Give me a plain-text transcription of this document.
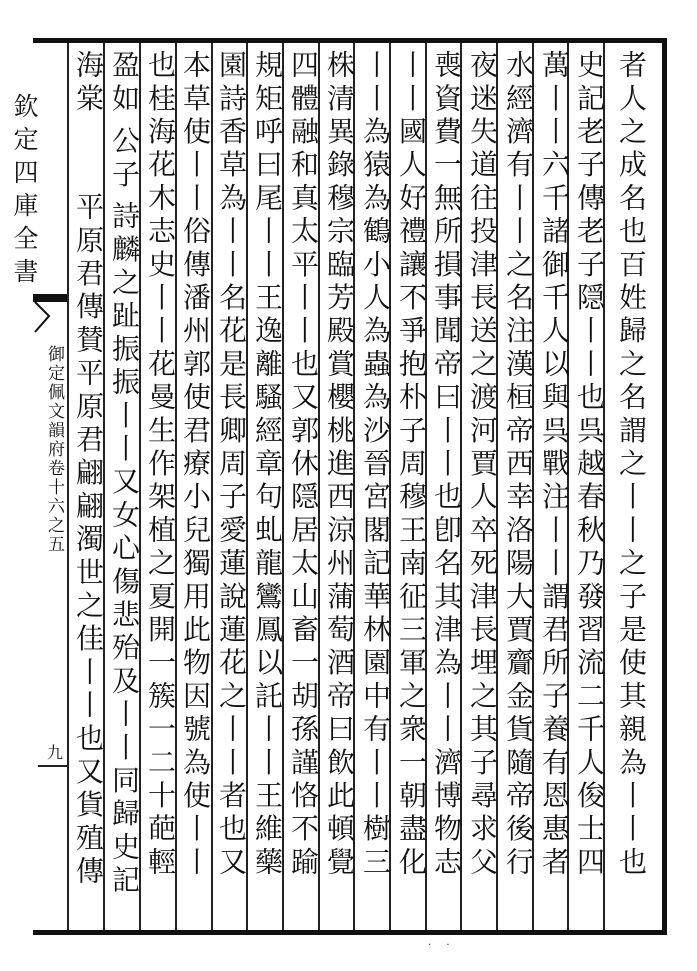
欽定四庫全書
御定佩文韻府卷十六之五
九	者人之成名也百姓歸之名謂之丨丨之子是使其親為丨丨也
史記老子傳老子隠丨丨也呉越春秋乃發習流二千人俊士四
萬丨丨六千諸御千人以與呉戰注丨丨謂君所子養有恩惠者
水經濟有丨丨之名注漢桓帝西幸洛陽大賈齎金貨隨帝後行
夜迷失道往投津長送之渡河賈人卒死津長埋之其子尋求父
喪資費一無所損事聞帝曰丨丨也卽名其津為丨丨濟博物志
丨丨國人好禮讓不爭抱朴子周穆王南征三軍之衆一朝盡化
丨丨為猿為鶴小人為蟲為沙晉宮閣記華林園中有丨丨樹三
株清異錄穆宗臨芳殿賞櫻桃進西涼州蒲萄酒帝曰飲此頓覺
四體融和真太平丨丨也又郭休隠居太山畜一胡孫謹恪不踰
規矩呼曰尾丨丨王逸離騷經章句虬龍鸞鳳以託丨丨王維藥
園詩香草為丨丨名花是長卿周子愛蓮說蓮花之丨丨者也又
本草使丨丨俗傳潘州郭使君療小兒獨用此物因號為使丨丨
也桂海花木志史丨丨花曼生作架植之夏開一簇一二十葩輕
盈如
公子
詩麟之趾振振丨丨又女心傷悲殆及丨丨同歸史記
海棠
平原君傳賛平原君翩翩濁世之佳丨丨也又貨殖傳
· ·
